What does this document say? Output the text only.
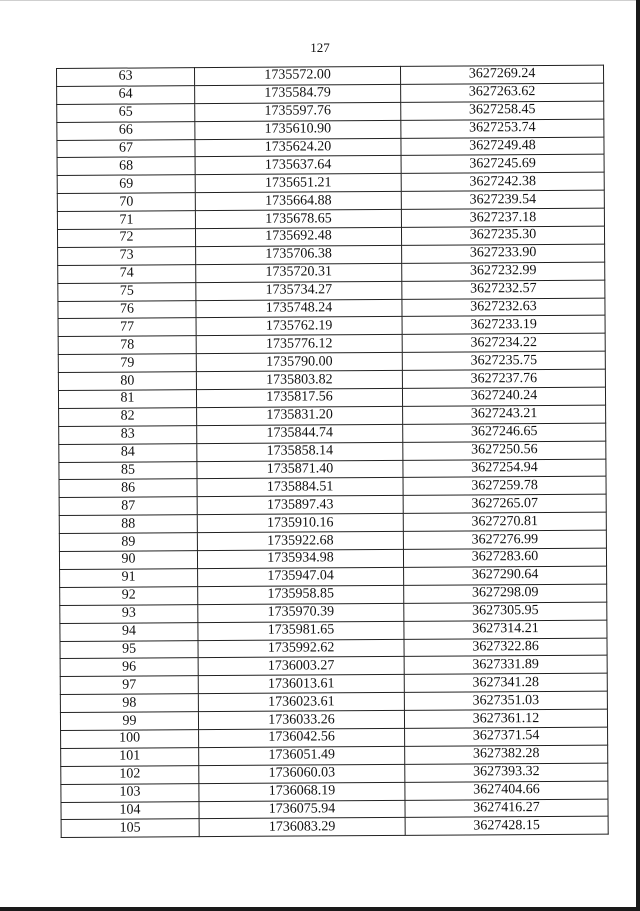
127
63	1735572.00	3627269.24
64	1735584.79	3627263.62
65	1735597.76	3627258.45
66	1735610.90	3627253.74
67	1735624.20	3627249.48
68	1735637.64	3627245.69
69	1735651.21	3627242.38
70	1735664.88	3627239.54
71	1735678.65	3627237.18
72	1735692.48	3627235.30
73	1735706.38	3627233.90
74	1735720.31	3627232.99
75	1735734.27	3627232.57
76	1735748.24	3627232.63
77	1735762.19	3627233.19
78	1735776.12	3627234.22
79	1735790.00	3627235.75
80	1735803.82	3627237.76
81	1735817.56	3627240.24
82	1735831.20	3627243.21
83	1735844.74	3627246.65
84	1735858.14	3627250.56
85	1735871.40	3627254.94
86	1735884.51	3627259.78
87	1735897.43	3627265.07
88	1735910.16	3627270.81
89	1735922.68	3627276.99
90	1735934.98	3627283.60
91	1735947.04	3627290.64
92	1735958.85	3627298.09
93	1735970.39	3627305.95
94	1735981.65	3627314.21
95	1735992.62	3627322.86
96	1736003.27	3627331.89
97	1736013.61	3627341.28
98	1736023.61	3627351.03
99	1736033.26	3627361.12
100	1736042.56	3627371.54
101	1736051.49	3627382.28
102	1736060.03	3627393.32
103	1736068.19	3627404.66
104	1736075.94	3627416.27
105	1736083.29	3627428.15
